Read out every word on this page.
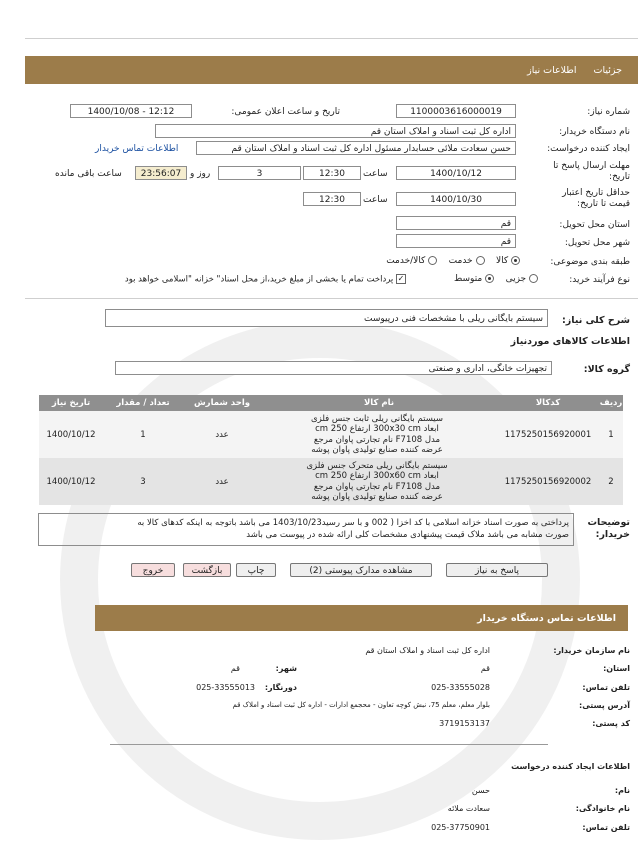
جزئیات اطلاعات نیاز
شماره نیاز:
1100003616000019
تاریخ و ساعت اعلان عمومی:
1400/10/08 - 12:12
نام دستگاه خریدار:
اداره کل ثبت اسناد و املاک استان قم
ایجاد کننده درخواست:
حسن سعادت ملائی حسابدار مسئول اداره کل ثبت اسناد و املاک استان قم
اطلاعات تماس خریدار
مهلت ارسال پاسخ تا تاریخ:
1400/10/12
ساعت
12:30
3
روز و
23:56:07
ساعت باقی مانده
حداقل تاریخ اعتبار قیمت تا تاریخ:
1400/10/30
ساعت
12:30
استان محل تحویل:
قم
شهر محل تحویل:
قم
طبقه بندی موضوعی:
کالا     خدمت     کالا/خدمت
نوع فرآیند خرید:
جزیی     متوسط
✓ پرداخت تمام یا بخشی از مبلغ خرید،از محل اسناد" خزانه "اسلامی خواهد بود
شرح کلی نیاز:
سیستم بایگانی ریلی با مشخصات فنی درپیوست
اطلاعات کالاهای موردنیاز
گروه کالا:
تجهیزات خانگی، اداری و صنعتی
تاریخ نیاز	تعداد / مقدار	واحد شمارش	نام کالا	کدکالا	ردیف
1400/10/12	1	عدد	سیستم بایگانی ریلی ثابت جنس فلزی
ابعاد 300x30 cm ارتفاع 250 cm
مدل F7108 نام تجارتی پاوان مرجع
عرضه کننده صنایع تولیدی پاوان پوشه	1175250156920001	1
1400/10/12	3	عدد	سیستم بایگانی ریلی متحرک جنس فلزی
ابعاد 300x60 cm ارتفاع 250 cm
مدل F7108 نام تجارتی پاوان مرجع
عرضه کننده صنایع تولیدی پاوان پوشه	1175250156920002	2
توضیحات خریدار:
پرداختی به صورت اسناد خزانه اسلامی با کد اخزا ( 002 و با سر رسید1403/10/23 می باشد باتوجه به اینکه کدهای کالا به
صورت مشابه می باشد ملاک قیمت پیشنهادی مشخصات کلی ارائه شده در پیوست می باشد
پاسخ به نیاز
مشاهده مدارک پیوستی (2)
چاپ
بازگشت
خروج
اطلاعات تماس دستگاه خریدار
نام سازمان خریدار:
اداره کل ثبت اسناد و املاک استان قم
استان:
قم
شهر:
قم
تلفن تماس:
025-33555028
دورنگار:
025-33555013
آدرس پستی:
بلوار معلم، معلم 75، نبش کوچه تعاون - محجمع ادارات - اداره کل ثبت اسناد و املاک قم
کد پستی:
3719153137
اطلاعات ایجاد کننده درخواست
نام:
حسن
نام خانوادگی:
سعادت ملائه
تلفن تماس:
025-37750901
